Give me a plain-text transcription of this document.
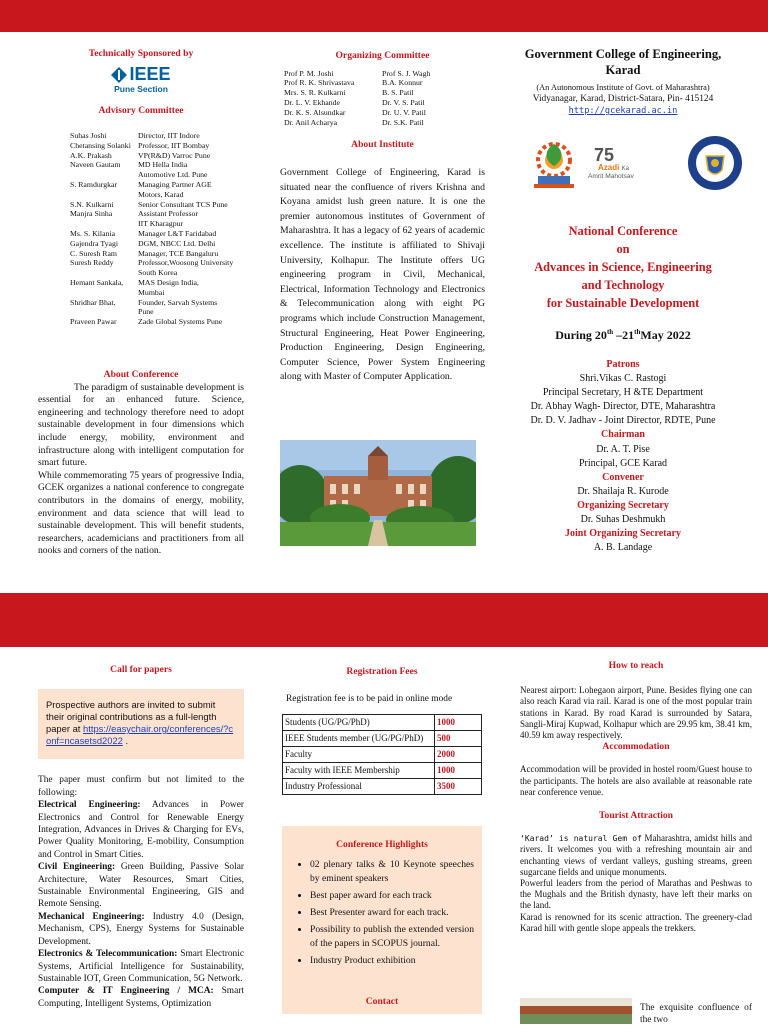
Technically Sponsored by
IEEE
Pune Section
Advisory Committee
Suhas Joshi	Director, IIT Indore
Chetansing Solanki	Professor, IIT Bombay
A.K. Prakash	VP(R&D) Varroc Pune
Naveen Gautam	MD Hella India
	Automotive Ltd. Pune
S. Ramdurgkar	Managing Partner AGE
	Motors, Karad
S.N. Kulkarni	Senior Consultant TCS Pune
Manjra Sinha	Assistant Professor
	IIT Kharagpur
Ms. S. Kilania	Manager L&T Faridabad
Gajendra Tyagi	DGM, NBCC Ltd. Delhi
C. Suresh Ram	Manager, TCE Bangaluru
Suresh Reddy	Professor,Woosong University
	South Korea
Hemant Sankala,	MAS Design India,
	Mumbai
Shridhar Bhat,	Founder, Sarvah Systems
	Pune
Praveen Pawar	Zade Global Systems Pune
About Conference
The paradigm of sustainable development is essential for an enhanced future. Science, engineering and technology therefore need to adopt sustainable development in four dimensions which include energy, mobility, environment and infrastructure along with intelligent computation for smart future.
While commemorating 75 years of progressive India, GCEK organizes a national conference to congregate contributors in the domains of energy, mobility, environment and data science that will lead to sustainable development. This will benefit students, researchers, academicians and practitioners from all nooks and corners of the nation.
Organizing Committee
Prof P. M. Joshi	Prof S. J. Wagh
Prof R. K. Shrivastava	B.A. Konnur
Mrs. S. R. Kulkarni	B. S. Patil
Dr. L. V. Ekhande	Dr. V. S. Patil
Dr. K. S. Alsundkar	Dr. U. V. Patil
Dr. Anil Acharya	Dr. S.K. Patil
About Institute
Government College of Engineering, Karad is situated near the confluence of rivers Krishna and Koyana amidst lush green nature. It is one the premier autonomous institutes of Government of Maharashtra. It has a legacy of 62 years of academic excellence. The institute is affiliated to Shivaji University, Kolhapur. The Institute offers UG engineering program in Civil, Mechanical, Electrical, Information Technology and Electronics & Telecommunication along with eight PG programs which include Construction Management, Structural Engineering, Heat Power Engineering, Production Engineering, Design Engineering, Computer Science, Power System Engineering along with Master of Computer Application.
Government College of Engineering, Karad
(An Autonomous Institute of Govt. of Maharashtra)
Vidyanagar, Karad, District-Satara, Pin- 415124
http://gcekarad.ac.in
75
Azadi Ka
Amrit Mahotsav
National Conference
on
Advances in Science, Engineering
and Technology
for Sustainable Development
During 20th –21thMay 2022
Patrons
Shri.Vikas C. Rastogi
Principal Secretary, H &TE Department
Dr. Abhay Wagh- Director, DTE, Maharashtra
Dr. D. V. Jadhav - Joint Director, RDTE, Pune
Chairman
Dr. A. T. Pise
Principal, GCE Karad
Convener
Dr. Shailaja R. Kurode
Organizing Secretary
Dr. Suhas Deshmukh
Joint Organizing Secretary
A. B. Landage
Call for papers
Prospective authors are invited to submit their original contributions as a full-length paper at https://easychair.org/conferences/?conf=ncasetsd2022 .
The paper must confirm but not limited to the following:
Electrical Engineering: Advances in Power Electronics and Control for Renewable Energy Integration, Advances in Drives & Charging for EVs, Power Quality Monitoring, E-mobility, Consumption and Control in Smart Cities.
Civil Engineering: Green Building, Passive Solar Architecture, Water Resources, Smart Cities, Sustainable Environmental Engineering, GIS and Remote Sensing.
Mechanical Engineering: Industry 4.0 (Design, Mechanism, CPS), Energy Systems for Sustainable Development.
Electronics & Telecommunication: Smart Electronic Systems, Artificial Intelligence for Sustainability, Sustainable IOT, Green Communication, 5G Network.
Computer & IT Engineering / MCA: Smart Computing, Intelligent Systems, Optimization
Registration Fees
Registration fee is to be paid in online mode
Students (UG/PG/PhD)	1000
IEEE Students member (UG/PG/PhD)	500
Faculty	2000
Faculty with IEEE Membership	1000
Industry Professional	3500
Conference Highlights
• 02 plenary talks & 10 Keynote speeches by eminent speakers
• Best paper award for each track
• Best Presenter award for each track.
• Possibility to publish the extended version of the papers in SCOPUS journal.
• Industry Product exhibition
Contact
How to reach
Nearest airport: Lohegaon airport, Pune. Besides flying one can also reach Karad via rail. Karad is one of the most popular train stations in Karad. By road Karad is surrounded by Satara, Sangli-Miraj Kupwad, Kolhapur which are 29.95 km, 38.41 km, 40.59 km away respectively.
Accommodation
Accommodation will be provided in hostel room/Guest house to the participants. The hotels are also available at reasonable rate near conference venue.
Tourist Attraction
‘Karad’ is natural Gem of Maharashtra, amidst hills and rivers. It welcomes you with a refreshing mountain air and enchanting views of verdant valleys, gushing streams, green sugarcane fields and unique monuments.
Powerful leaders from the period of Marathas and Peshwas to the Mughals and the British dynasty, have left their marks on the land.
Karad is renowned for its scenic attraction. The greenery-clad Karad hill with gentle slope appeals the trekkers.
The exquisite confluence of the two
